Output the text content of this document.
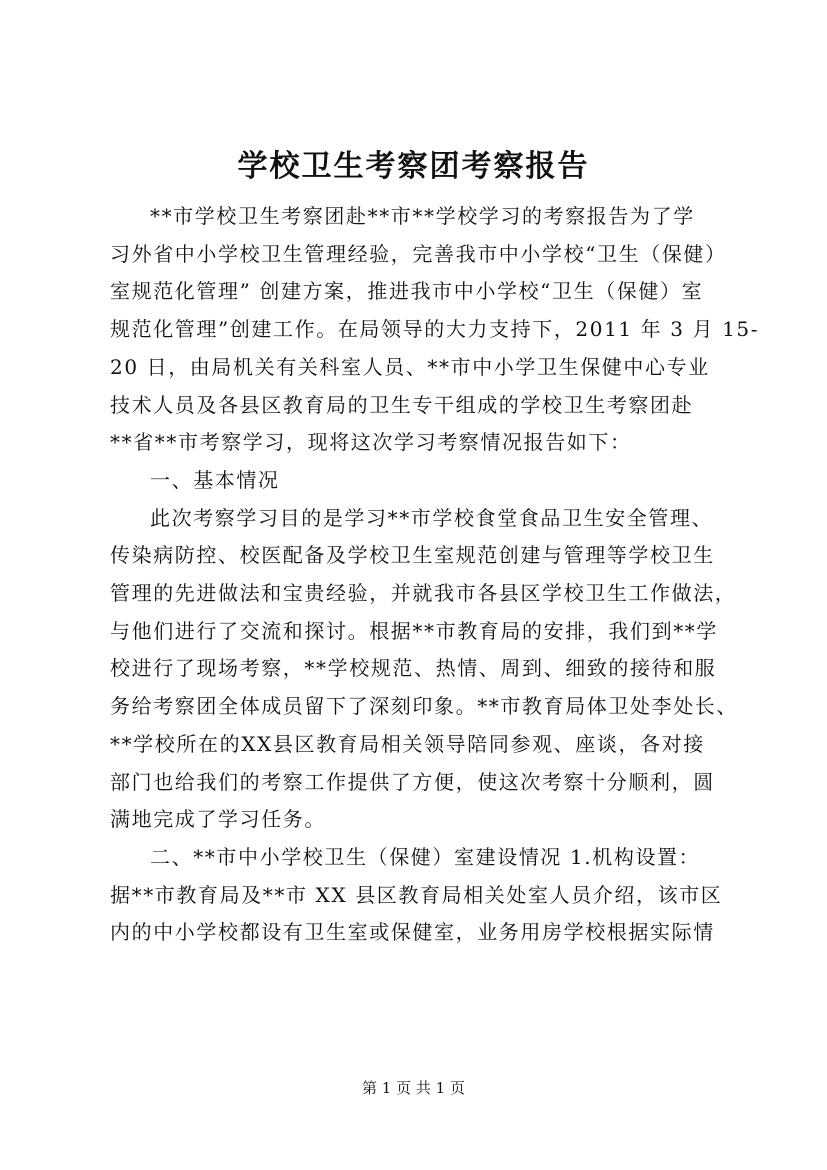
学校卫生考察团考察报告

**市学校卫生考察团赴**市**学校学习的考察报告为了学
习外省中小学校卫生管理经验，完善我市中小学校“卫生（保健）
室规范化管理” 创建方案，推进我市中小学校“卫生（保健）室
规范化管理”创建工作。在局领导的大力支持下，2011 年 3 月 15-
20 日，由局机关有关科室人员、**市中小学卫生保健中心专业
技术人员及各县区教育局的卫生专干组成的学校卫生考察团赴
**省**市考察学习，现将这次学习考察情况报告如下：

一、基本情况

此次考察学习目的是学习**市学校食堂食品卫生安全管理、
传染病防控、校医配备及学校卫生室规范创建与管理等学校卫生
管理的先进做法和宝贵经验，并就我市各县区学校卫生工作做法，
与他们进行了交流和探讨。根据**市教育局的安排，我们到**学
校进行了现场考察，**学校规范、热情、周到、细致的接待和服
务给考察团全体成员留下了深刻印象。**市教育局体卫处李处长、
**学校所在的XX县区教育局相关领导陪同参观、座谈，各对接
部门也给我们的考察工作提供了方便，使这次考察十分顺利，圆
满地完成了学习任务。

二、**市中小学校卫生（保健）室建设情况 1.机构设置：
据**市教育局及**市 XX 县区教育局相关处室人员介绍，该市区
内的中小学校都设有卫生室或保健室，业务用房学校根据实际情

第 1 页 共 1 页
